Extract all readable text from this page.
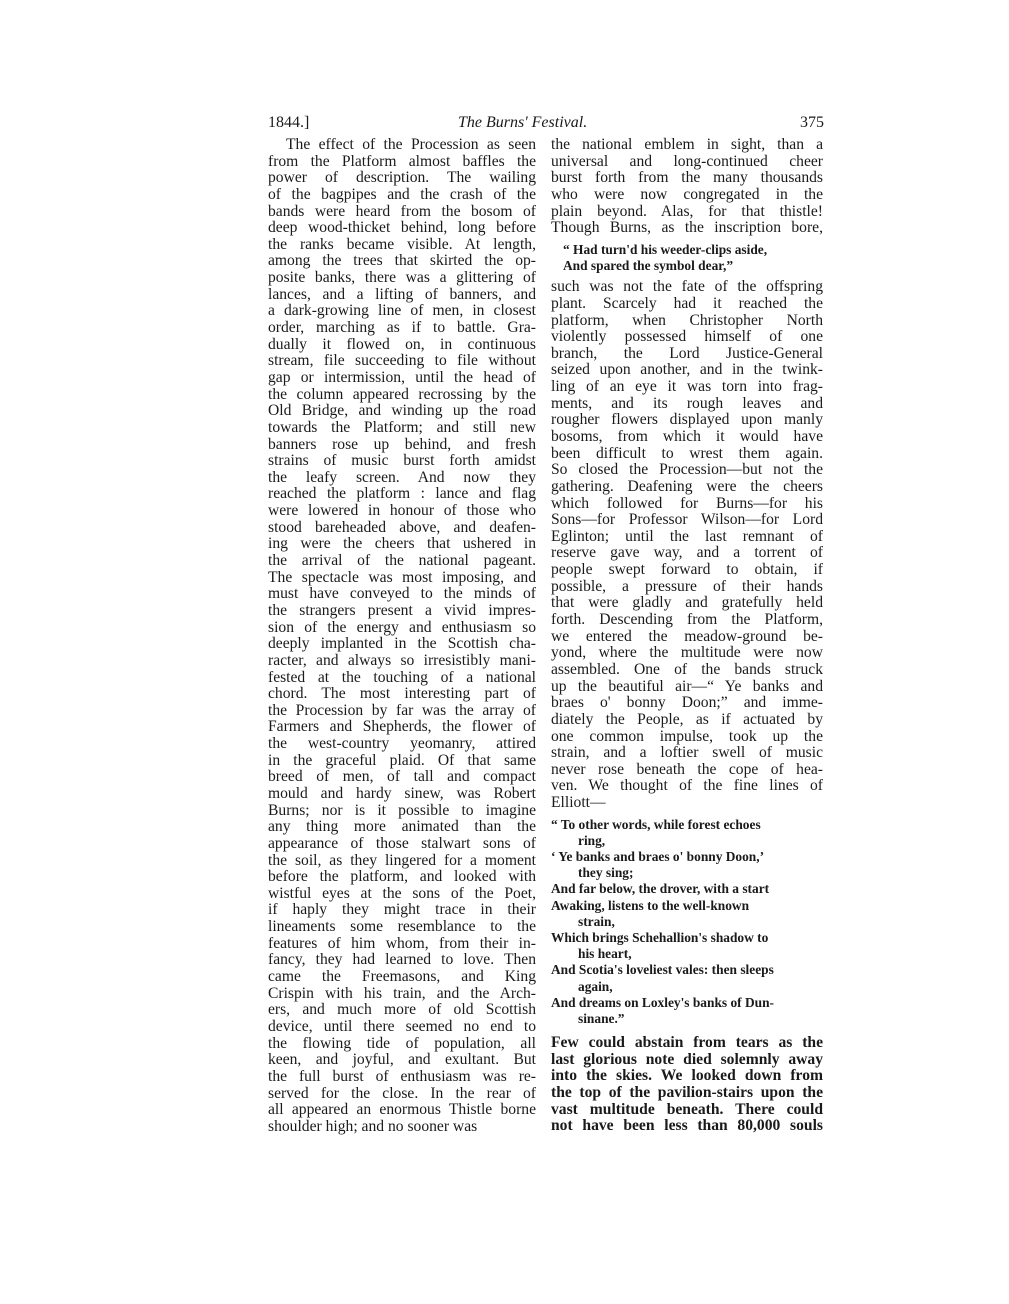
1844.]	The Burns' Festival.	375
The effect of the Procession as seen
from the Platform almost baffles the
power of description. The wailing
of the bagpipes and the crash of the
bands were heard from the bosom of
deep wood-thicket behind, long before
the ranks became visible. At length,
among the trees that skirted the op-
posite banks, there was a glittering of
lances, and a lifting of banners, and
a dark-growing line of men, in closest
order, marching as if to battle. Gra-
dually it flowed on, in continuous
stream, file succeeding to file without
gap or intermission, until the head of
the column appeared recrossing by the
Old Bridge, and winding up the road
towards the Platform; and still new
banners rose up behind, and fresh
strains of music burst forth amidst
the leafy screen. And now they
reached the platform : lance and flag
were lowered in honour of those who
stood bareheaded above, and deafen-
ing were the cheers that ushered in
the arrival of the national pageant.
The spectacle was most imposing, and
must have conveyed to the minds of
the strangers present a vivid impres-
sion of the energy and enthusiasm so
deeply implanted in the Scottish cha-
racter, and always so irresistibly mani-
fested at the touching of a national
chord. The most interesting part of
the Procession by far was the array of
Farmers and Shepherds, the flower of
the west-country yeomanry, attired
in the graceful plaid. Of that same
breed of men, of tall and compact
mould and hardy sinew, was Robert
Burns; nor is it possible to imagine
any thing more animated than the
appearance of those stalwart sons of
the soil, as they lingered for a moment
before the platform, and looked with
wistful eyes at the sons of the Poet,
if haply they might trace in their
lineaments some resemblance to the
features of him whom, from their in-
fancy, they had learned to love. Then
came the Freemasons, and King
Crispin with his train, and the Arch-
ers, and much more of old Scottish
device, until there seemed no end to
the flowing tide of population, all
keen, and joyful, and exultant. But
the full burst of enthusiasm was re-
served for the close. In the rear of
all appeared an enormous Thistle borne
shoulder high; and no sooner was
the national emblem in sight, than a
universal and long-continued cheer
burst forth from the many thousands
who were now congregated in the
plain beyond. Alas, for that thistle!
Though Burns, as the inscription bore,
“ Had turn'd his weeder-clips aside,
And spared the symbol dear,”
such was not the fate of the offspring
plant. Scarcely had it reached the
platform, when Christopher North
violently possessed himself of one
branch, the Lord Justice-General
seized upon another, and in the twink-
ling of an eye it was torn into frag-
ments, and its rough leaves and
rougher flowers displayed upon manly
bosoms, from which it would have
been difficult to wrest them again.
So closed the Procession—but not the
gathering. Deafening were the cheers
which followed for Burns—for his
Sons—for Professor Wilson—for Lord
Eglinton; until the last remnant of
reserve gave way, and a torrent of
people swept forward to obtain, if
possible, a pressure of their hands
that were gladly and gratefully held
forth. Descending from the Platform,
we entered the meadow-ground be-
yond, where the multitude were now
assembled. One of the bands struck
up the beautiful air—“ Ye banks and
braes o' bonny Doon;” and imme-
diately the People, as if actuated by
one common impulse, took up the
strain, and a loftier swell of music
never rose beneath the cope of hea-
ven. We thought of the fine lines of
Elliott—
“ To other words, while forest echoes
ring,
‘ Ye banks and braes o' bonny Doon,’
they sing;
And far below, the drover, with a start
Awaking, listens to the well-known
strain,
Which brings Schehallion's shadow to
his heart,
And Scotia's loveliest vales: then sleeps
again,
And dreams on Loxley's banks of Dun-
sinane.”
Few could abstain from tears as the
last glorious note died solemnly away
into the skies. We looked down from
the top of the pavilion-stairs upon the
vast multitude beneath. There could
not have been less than 80,000 souls
